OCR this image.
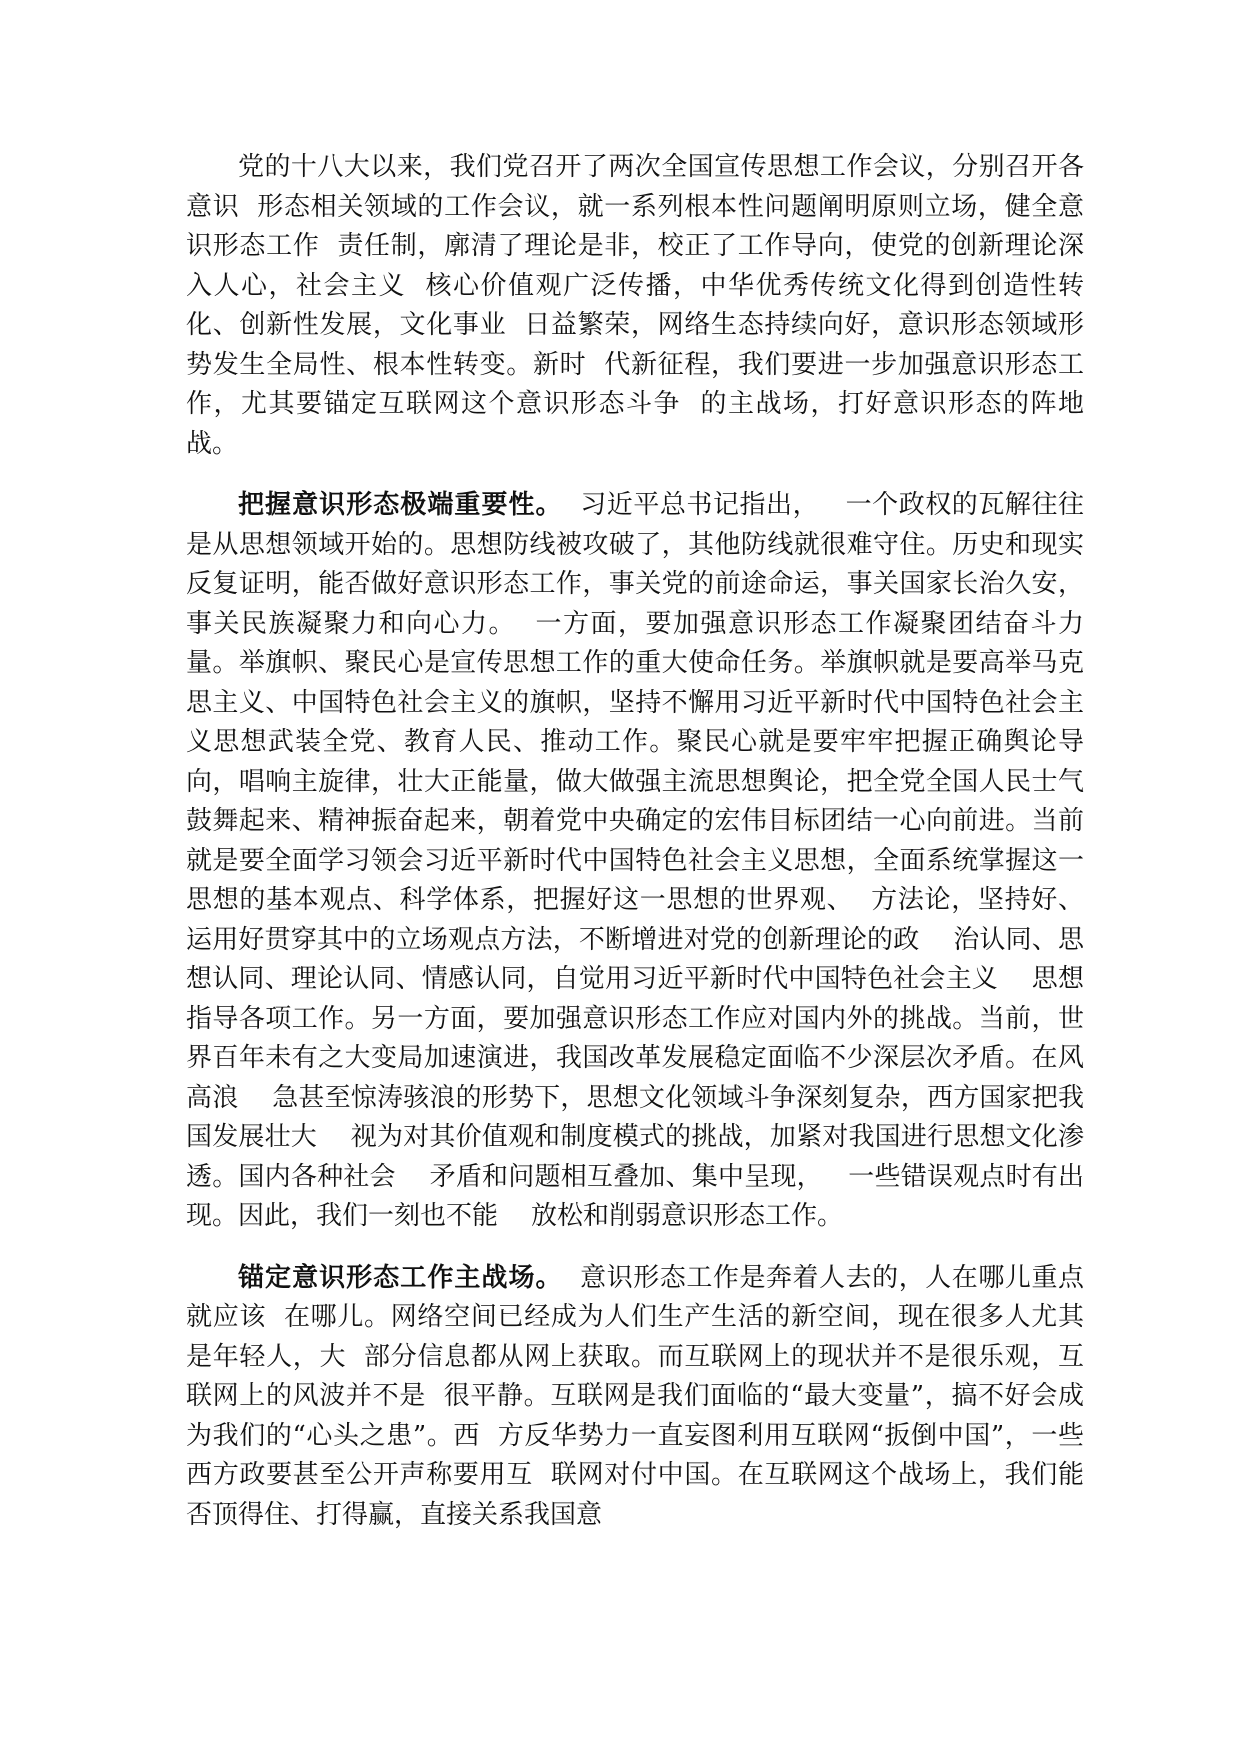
党的十八大以来，我们党召开了两次全国宣传思想工作会议，分别召开各意识  形态相关领域的工作会议，就一系列根本性问题阐明原则立场，健全意识形态工作  责任制，廓清了理论是非，校正了工作导向，使党的创新理论深入人心，社会主义  核心价值观广泛传播，中华优秀传统文化得到创造性转化、创新性发展，文化事业  日益繁荣，网络生态持续向好，意识形态领域形势发生全局性、根本性转变。新时  代新征程，我们要进一步加强意识形态工作，尤其要锚定互联网这个意识形态斗争  的主战场，打好意识形态的阵地战。

把握意识形态极端重要性。  习近平总书记指出，   一个政权的瓦解往往是从思想领域开始的。思想防线被攻破了，其他防线就很难守住。历史和现实反复证明，能否做好意识形态工作，事关党的前途命运，事关国家长治久安，事关民族凝聚力和向心力。  一方面，要加强意识形态工作凝聚团结奋斗力量。举旗帜、聚民心是宣传思想工作的重大使命任务。举旗帜就是要高举马克思主义、中国特色社会主义的旗帜，坚持不懈用习近平新时代中国特色社会主义思想武装全党、教育人民、推动工作。聚民心就是要牢牢把握正确舆论导向，唱响主旋律，壮大正能量，做大做强主流思想舆论，把全党全国人民士气鼓舞起来、精神振奋起来，朝着党中央确定的宏伟目标团结一心向前进。当前就是要全面学习领会习近平新时代中国特色社会主义思想，全面系统掌握这一思想的基本观点、科学体系，把握好这一思想的世界观、  方法论，坚持好、运用好贯穿其中的立场观点方法，不断增进对党的创新理论的政    治认同、思想认同、理论认同、情感认同，自觉用习近平新时代中国特色社会主义    思想指导各项工作。另一方面，要加强意识形态工作应对国内外的挑战。当前，世    界百年未有之大变局加速演进，我国改革发展稳定面临不少深层次矛盾。在风高浪    急甚至惊涛骇浪的形势下，思想文化领域斗争深刻复杂，西方国家把我国发展壮大    视为对其价值观和制度模式的挑战，加紧对我国进行思想文化渗透。国内各种社会    矛盾和问题相互叠加、集中呈现，   一些错误观点时有出现。因此，我们一刻也不能    放松和削弱意识形态工作。

锚定意识形态工作主战场。  意识形态工作是奔着人去的，人在哪儿重点就应该  在哪儿。网络空间已经成为人们生产生活的新空间，现在很多人尤其是年轻人，大  部分信息都从网上获取。而互联网上的现状并不是很乐观，互联网上的风波并不是  很平静。互联网是我们面临的“最大变量”，搞不好会成为我们的“心头之患”。西  方反华势力一直妄图利用互联网“扳倒中国”，一些西方政要甚至公开声称要用互  联网对付中国。在互联网这个战场上，我们能否顶得住、打得赢，直接关系我国意
